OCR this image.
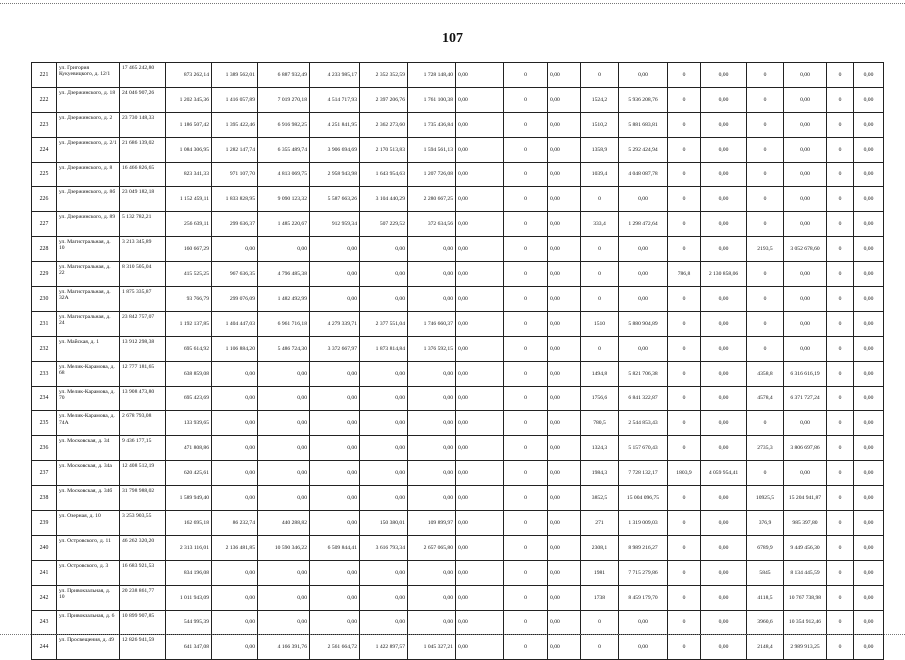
107
221	ул. Григория Кукуевицкого, д. 12/1	17 465 242,80	873 262,14	1 389 562,01	6 887 932,49	4 233 985,17	2 352 352,59	1 728 148,40	0,00	0	0,00	0	0,00	0	0,00	0	0,00	0	0,00
222	ул. Дзержинского, д. 18	24 046 907,26	1 202 345,36	1 416 057,89	7 019 270,18	4 514 717,93	2 397 206,76	1 761 100,38	0,00	0	0,00	1524,2	5 936 208,76	0	0,00	0	0,00	0	0,00
223	ул. Дзержинского, д. 2	23 730 148,33	1 186 507,42	1 395 422,46	6 916 982,25	4 251 841,95	2 362 273,60	1 735 436,84	0,00	0	0,00	1510,2	5 881 683,81	0	0,00	0	0,00	0	0,00
224	ул. Дзержинского, д. 2/1	21 686 139,02	1 084 306,95	1 282 147,74	6 355 489,74	3 906 694,69	2 170 513,83	1 594 561,13	0,00	0	0,00	1358,9	5 292 424,94	0	0,00	0	0,00	0	0,00
225	ул. Дзержинского, д. 8	16 466 826,65	823 341,33	971 107,70	4 813 069,75	2 958 943,98	1 643 954,63	1 207 726,08	0,00	0	0,00	1039,4	4 048 087,78	0	0,00	0	0,00	0	0,00
226	ул. Дзержинского, д. 8б	23 049 182,18	1 152 459,11	1 833 828,95	9 090 123,32	5 587 663,26	3 104 440,29	2 280 667,25	0,00	0	0,00	0	0,00	0	0,00	0	0,00	0	0,00
227	ул. Дзержинского, д. 89	5 132 782,21	256 639,11	299 636,37	1 485 220,67	912 959,34	507 229,52	372 634,56	0,00	0	0,00	333,4	1 298 472,64	0	0,00	0	0,00	0	0,00
228	ул. Магистральная, д. 10	3 213 345,89	160 667,29	0,00	0,00	0,00	0,00	0,00	0,00	0	0,00	0	0,00	0	0,00	2193,5	3 052 678,60	0	0,00
229	ул. Магистральная, д. 22	8 310 505,04	415 525,25	967 636,35	4 796 485,38	0,00	0,00	0,00	0,00	0	0,00	0	0,00	786,8	2 130 858,06	0	0,00	0	0,00
230	ул. Магистральная, д. 32А	1 875 335,87	93 766,79	299 076,09	1 482 492,99	0,00	0,00	0,00	0,00	0	0,00	0	0,00	0	0,00	0	0,00	0	0,00
231	ул. Магистральная, д. 24	23 842 757,07	1 192 137,85	1 404 447,03	6 961 716,18	4 279 339,71	2 377 551,04	1 746 660,37	0,00	0	0,00	1510	5 880 904,89	0	0,00	0	0,00	0	0,00
232	ул. Майская, д. 1	13 912 298,38	695 614,92	1 106 884,20	5 486 724,30	3 372 667,97	1 873 814,84	1 376 592,15	0,00	0	0,00	0	0,00	0	0,00	0	0,00	0	0,00
233	ул. Мелик-Карамова, д. 68	12 777 181,65	638 859,08	0,00	0,00	0,00	0,00	0,00	0,00	0	0,00	1494,8	5 821 706,38	0	0,00	4358,8	6 316 616,19	0	0,00
234	ул. Мелик-Карамова, д. 70	13 908 473,80	695 423,69	0,00	0,00	0,00	0,00	0,00	0,00	0	0,00	1756,6	6 841 322,87	0	0,00	4578,4	6 371 727,24	0	0,00
235	ул. Мелик-Карамова, д. 74А	2 678 793,08	133 939,65	0,00	0,00	0,00	0,00	0,00	0,00	0	0,00	780,5	2 544 853,43	0	0,00	0	0,00	0	0,00
236	ул. Московская, д. 34	9 436 177,15	471 808,86	0,00	0,00	0,00	0,00	0,00	0,00	0	0,00	1324,3	5 157 670,43	0	0,00	2735,3	3 806 697,86	0	0,00
237	ул. Московская, д. 34а	12 408 512,19	620 425,61	0,00	0,00	0,00	0,00	0,00	0,00	0	0,00	1984,3	7 728 132,17	1803,9	4 059 954,41	0	0,00	0	0,00
238	ул. Московская, д. 34б	31 798 988,02	1 589 949,40	0,00	0,00	0,00	0,00	0,00	0,00	0	0,00	3852,5	15 004 096,75	0	0,00	10925,5	15 204 941,87	0	0,00
239	ул. Озерная, д. 10	3 253 903,55	162 695,18	86 232,74	440 288,82	0,00	150 380,01	109 899,97	0,00	0	0,00	271	1 319 009,03	0	0,00	376,9	985 397,80	0	0,00
240	ул. Островского, д. 11	46 262 320,20	2 313 116,01	2 136 481,85	10 590 346,22	6 509 844,41	3 616 793,34	2 657 065,80	0,00	0	0,00	2308,1	8 989 216,27	0	0,00	6789,9	9 449 456,30	0	0,00
241	ул. Островского, д. 3	16 683 921,53	834 196,08	0,00	0,00	0,00	0,00	0,00	0,00	0	0,00	1981	7 715 279,86	0	0,00	5845	8 134 445,59	0	0,00
242	ул. Привокзальная, д. 10	20 238 861,77	1 011 943,09	0,00	0,00	0,00	0,00	0,00	0,00	0	0,00	1738	8 459 179,70	0	0,00	4118,5	10 767 738,98	0	0,00
243	ул. Привокзальная, д. 6	10 899 907,85	544 995,39	0,00	0,00	0,00	0,00	0,00	0,00	0	0,00	0	0,00	0	0,00	3960,6	10 354 912,46	0	0,00
244	ул. Просвещения, д. 49	12 826 941,59	641 347,08	0,00	4 166 391,76	2 561 664,72	1 422 897,57	1 045 327,21	0,00	0	0,00	0	0,00	0	0,00	2148,4	2 989 913,25	0	0,00
